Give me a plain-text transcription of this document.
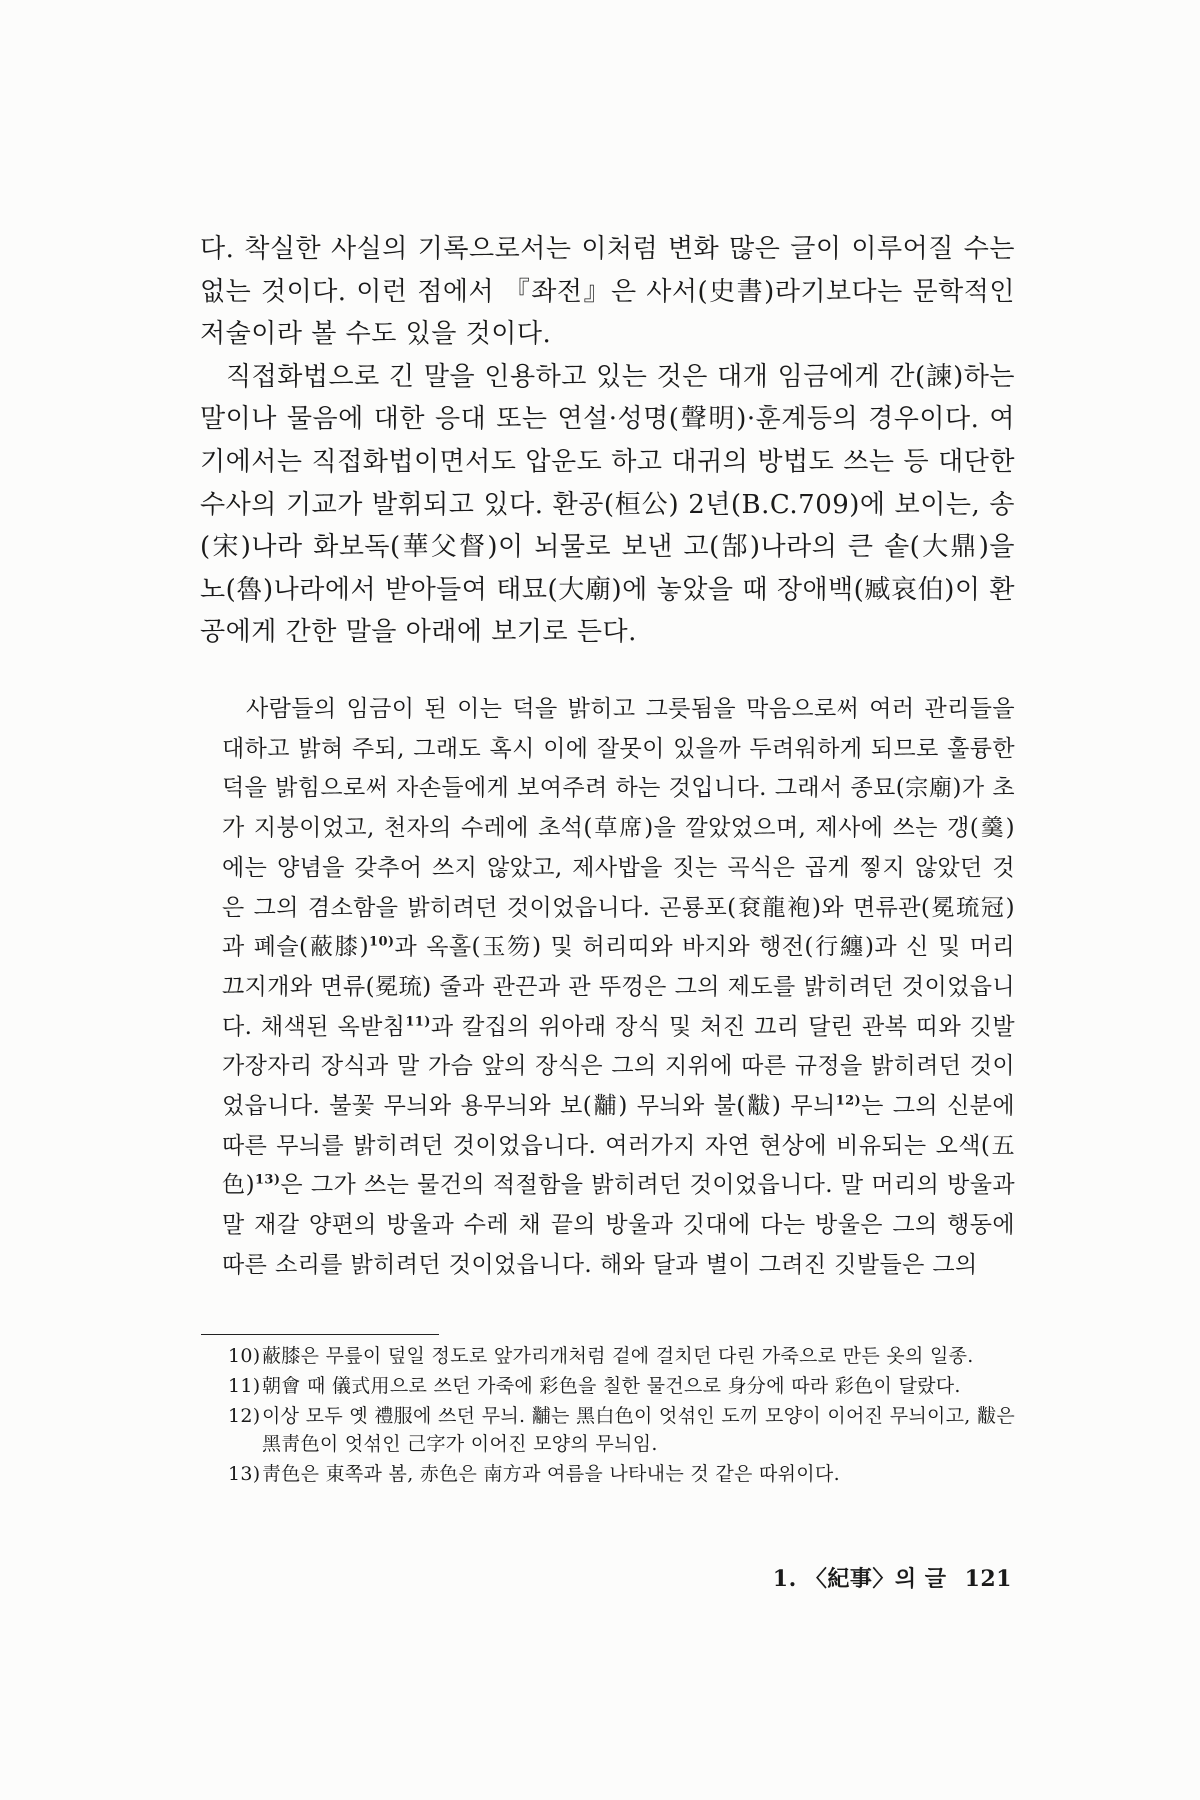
다. 착실한 사실의 기록으로서는 이처럼 변화 많은 글이 이루어질 수는 없는 것이다. 이런 점에서 『좌전』은 사서(史書)라기보다는 문학적인 저술이라 볼 수도 있을 것이다.

직접화법으로 긴 말을 인용하고 있는 것은 대개 임금에게 간(諫)하는 말이나 물음에 대한 응대 또는 연설·성명(聲明)·훈계등의 경우이다. 여기에서는 직접화법이면서도 압운도 하고 대귀의 방법도 쓰는 등 대단한 수사의 기교가 발휘되고 있다. 환공(桓公) 2년(B.C.709)에 보이는, 송(宋)나라 화보독(華父督)이 뇌물로 보낸 고(郜)나라의 큰 솥(大鼎)을 노(魯)나라에서 받아들여 태묘(大廟)에 놓았을 때 장애백(臧哀伯)이 환공에게 간한 말을 아래에 보기로 든다.

사람들의 임금이 된 이는 덕을 밝히고 그릇됨을 막음으로써 여러 관리들을 대하고 밝혀 주되, 그래도 혹시 이에 잘못이 있을까 두려워하게 되므로 훌륭한 덕을 밝힘으로써 자손들에게 보여주려 하는 것입니다. 그래서 종묘(宗廟)가 초가 지붕이었고, 천자의 수레에 초석(草席)을 깔았었으며, 제사에 쓰는 갱(羹)에는 양념을 갖추어 쓰지 않았고, 제사밥을 짓는 곡식은 곱게 찧지 않았던 것은 그의 겸소함을 밝히려던 것이었읍니다. 곤룡포(袞龍袍)와 면류관(冕琉冠)과 폐슬(蔽膝)$^{10)}$과 옥홀(玉笏) 및 허리띠와 바지와 행전(行纏)과 신 및 머리 끄지개와 면류(冕琉) 줄과 관끈과 관 뚜껑은 그의 제도를 밝히려던 것이었읍니다. 채색된 옥받침$^{11)}$과 칼집의 위아래 장식 및 처진 끄리 달린 관복 띠와 깃발 가장자리 장식과 말 가슴 앞의 장식은 그의 지위에 따른 규정을 밝히려던 것이었읍니다. 불꽃 무늬와 용무늬와 보(黼) 무늬와 불(黻) 무늬$^{12)}$는 그의 신분에 따른 무늬를 밝히려던 것이었읍니다. 여러가지 자연 현상에 비유되는 오색(五色)$^{13)}$은 그가 쓰는 물건의 적절함을 밝히려던 것이었읍니다. 말 머리의 방울과 말 재갈 양편의 방울과 수레 채 끝의 방울과 깃대에 다는 방울은 그의 행동에 따른 소리를 밝히려던 것이었읍니다. 해와 달과 별이 그려진 깃발들은 그의

10) 蔽膝은 무릎이 덮일 정도로 앞가리개처럼 겉에 걸치던 다린 가죽으로 만든 옷의 일종.
11) 朝會 때 儀式用으로 쓰던 가죽에 彩色을 칠한 물건으로 身分에 따라 彩色이 달랐다.
12) 이상 모두 옛 禮服에 쓰던 무늬. 黼는 黑白色이 엇섞인 도끼 모양이 이어진 무늬이고, 黻은 黑靑色이 엇섞인 己字가 이어진 모양의 무늬임.
13) 靑色은 東쪽과 봄, 赤色은 南方과 여름을 나타내는 것 같은 따위이다.
1. 〈紀事〉의 글 121
